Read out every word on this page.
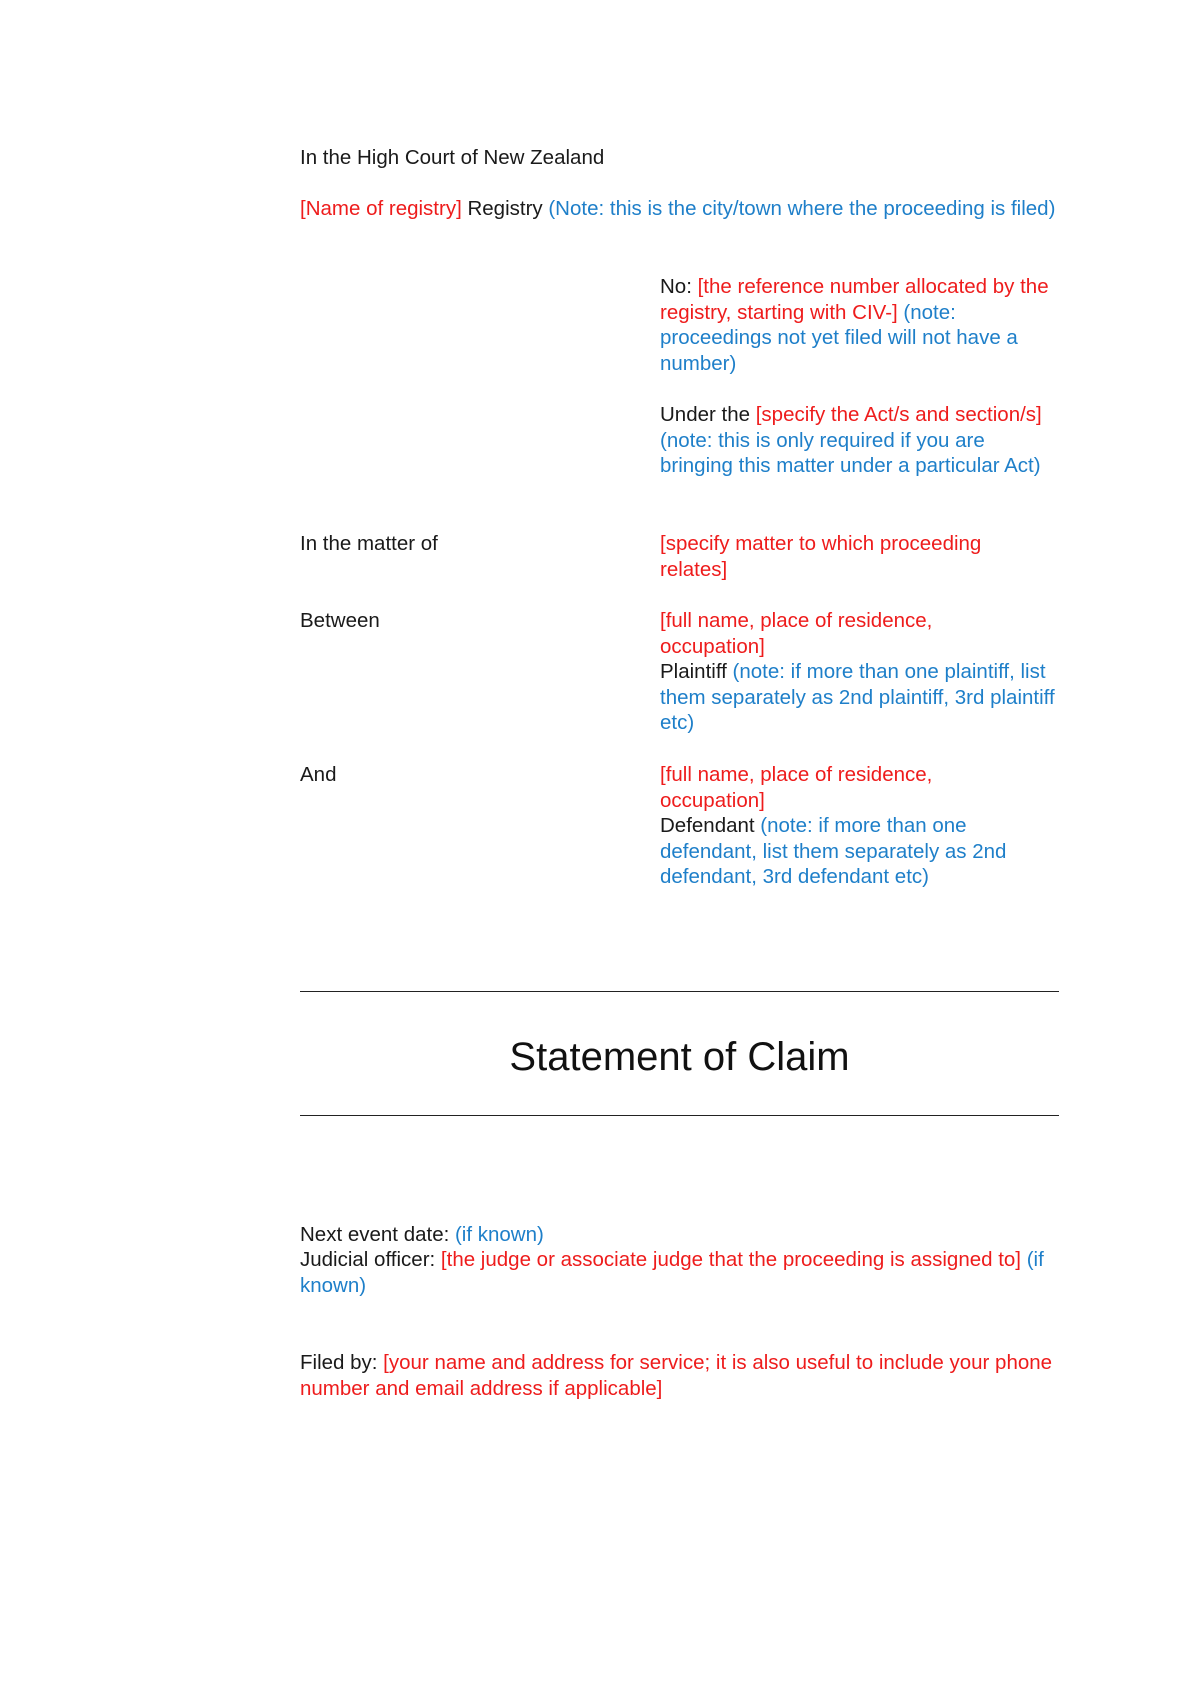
In the High Court of New Zealand
[Name of registry] Registry (Note: this is the city/town where the proceeding is filed)
No: [the reference number allocated by the registry, starting with CIV-] (note: proceedings not yet filed will not have a number)
Under the [specify the Act/s and section/s] (note: this is only required if you are bringing this matter under a particular Act)
In the matter of	[specify matter to which proceeding relates]
Between	[full name, place of residence, occupation]
Plaintiff (note: if more than one plaintiff, list them separately as 2nd plaintiff, 3rd plaintiff etc)
And	[full name, place of residence, occupation]
Defendant (note: if more than one defendant, list them separately as 2nd defendant, 3rd defendant etc)
Statement of Claim
Next event date: (if known)
Judicial officer: [the judge or associate judge that the proceeding is assigned to] (if known)
Filed by: [your name and address for service; it is also useful to include your phone number and email address if applicable]
